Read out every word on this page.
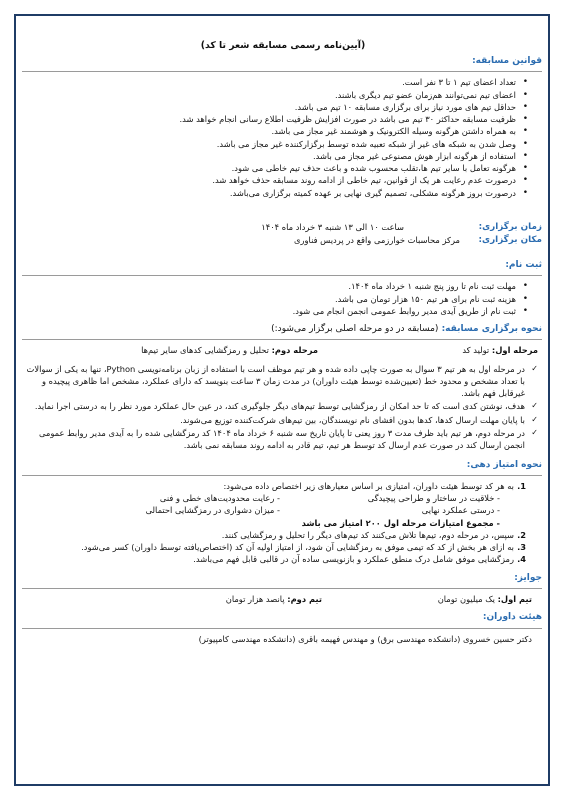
(آیین‌نامه رسمی مسابقه شعر تا کد)

قوانین مسابقه:

• تعداد اعضای تیم ۱ تا ۳ نفر است.
• اعضای تیم نمی‌توانند هم‌زمان عضو تیم دیگری باشند.
• حداقل تیم های مورد نیاز برای برگزاری مسابقه ۱۰ تیم می باشد.
• ظرفیت مسابقه حداکثر ۳۰ تیم می باشد در صورت افزایش ظرفیت اطلاع رسانی انجام خواهد شد.
• به همراه داشتن هرگونه وسیله الکترونیک و هوشمند غیر مجاز می باشد.
• وصل شدن به شبکه های غیر از شبکه تعبیه شده توسط برگزارکننده غیر مجاز می باشد.
• استفاده از هرگونه ابزار هوش مصنوعی غیر مجاز می باشد.
• هرگونه تعامل با سایر تیم ها،تقلب محسوب شده و باعث حذف تیم خاطی می شود.
• درصورت عدم رعایت هر یک از قوانین، تیم خاطی از ادامه روند مسابقه حذف خواهد شد.
• درصورت بروز هرگونه مشکلی، تصمیم گیری نهایی بر عهده کمیته برگزاری می‌باشد.
زمان برگزاری:
ساعت ۱۰ الی ۱۳ شنبه ۳ خرداد ماه ۱۴۰۴
مکان برگزاری:
مرکز محاسبات خوارزمی واقع در پردیس فناوری

ثبت نام:

• مهلت ثبت نام تا روز پنج شنبه ۱ خرداد ماه ۱۴۰۴.
• هزینه ثبت نام برای هر تیم ۱۵۰ هزار تومان می باشد.
• ثبت نام از طریق آیدی مدیر روابط عمومی انجمن انجام می شود.

نحوه برگزاری مسابقه: (مسابقه در دو مرحله اصلی برگزار می‌شود:)

مرحله اول: تولید کد
مرحله دوم: تحلیل و رمزگشایی کدهای سایر تیم‌ها
✓ در مرحله اول به هر تیم ۳ سوال به صورت چاپی داده شده و هر تیم موظف است با استفاده از زبان برنامه‌نویسی Python، تنها به یکی از سوالات با تعداد مشخص و محدود خط (تعیین‌شده توسط هیئت داوران) در مدت زمان ۳ ساعت بنویسد که دارای عملکرد، مشخص اما ظاهری پیچیده و غیرقابل فهم باشد.
✓ هدف، نوشتن کدی است که تا حد امکان از رمزگشایی توسط تیم‌های دیگر جلوگیری کند، در عین حال عملکرد مورد نظر را به‌ درستی اجرا نماید.
✓ با پایان مهلت ارسال کدها، کدها بدون افشای نام نویسندگان، بین تیم‌های شرکت‌کننده توزیع می‌شوند.
✓ در مرحله دوم، هر تیم باید ظرف مدت ۳ روز یعنی تا پایان تاریخ سه شنبه ۶ خرداد ماه ۱۴۰۴ کد رمزگشایی شده را به آیدی مدیر روابط عمومی انجمن ارسال کند در صورت عدم ارسال کد توسط هر تیم، تیم قادر به ادامه روند مسابقه نمی باشد.

نحوه امتیاز دهی:

1.
به هر کد توسط هیئت داوران، امتیازی بر اساس معیارهای زیر اختصاص داده می‌شود:
- خلاقیت در ساختار و طراحی پیچیدگی
- رعایت محدودیت‌های خطی و فنی
- درستی عملکرد نهایی
- میزان دشواری در رمزگشایی احتمالی
- مجموع امتیازات مرحله اول ۲۰۰ امتیاز می باشد
2.
سپس، در مرحله دوم، تیم‌ها تلاش می‌کنند کد تیم‌های دیگر را تحلیل و رمزگشایی کنند.
3.
به ازای هر بخش از کد که تیمی موفق به رمزگشایی آن شود، از امتیاز اولیه آن کد (اختصاص‌یافته توسط داوران) کسر می‌شود.
4.
رمزگشایی موفق شامل درک منطق عملکرد و بازنویسی ساده آن در قالبی قابل فهم می‌باشد.

جوایز:

تیم اول: یک میلیون تومان
تیم دوم: پانصد هزار تومان

هیئت داوران:

دکتر حسین خسروی (دانشکده مهندسی برق) و مهندس فهیمه باقری (دانشکده مهندسی کامپیوتر)
